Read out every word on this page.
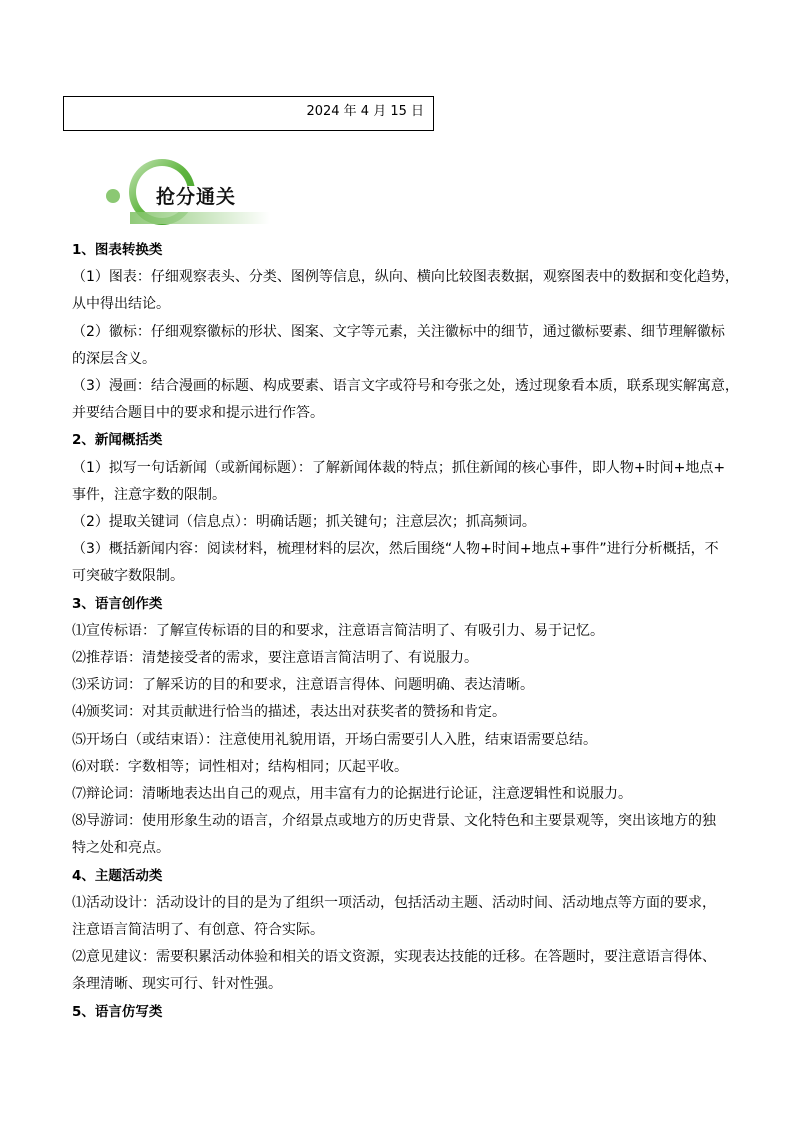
2024 年 4 月 15 日
抢分通关

1、图表转换类

（1）图表：仔细观察表头、分类、图例等信息，纵向、横向比较图表数据，观察图表中的数据和变化趋势，

从中得出结论。

（2）徽标：仔细观察徽标的形状、图案、文字等元素，关注徽标中的细节，通过徽标要素、细节理解徽标

的深层含义。

（3）漫画：结合漫画的标题、构成要素、语言文字或符号和夸张之处，透过现象看本质，联系现实解寓意，

并要结合题目中的要求和提示进行作答。

2、新闻概括类

（1）拟写一句话新闻（或新闻标题）：了解新闻体裁的特点；抓住新闻的核心事件，即人物+时间+地点+

事件，注意字数的限制。

（2）提取关键词（信息点）：明确话题；抓关键句；注意层次；抓高频词。

（3）概括新闻内容：阅读材料，梳理材料的层次，然后围绕“人物+时间+地点+事件”进行分析概括，不

可突破字数限制。

3、语言创作类

⑴宣传标语：了解宣传标语的目的和要求，注意语言简洁明了、有吸引力、易于记忆。

⑵推荐语：清楚接受者的需求，要注意语言简洁明了、有说服力。

⑶采访词：了解采访的目的和要求，注意语言得体、问题明确、表达清晰。

⑷颁奖词：对其贡献进行恰当的描述，表达出对获奖者的赞扬和肯定。

⑸开场白（或结束语）：注意使用礼貌用语，开场白需要引人入胜，结束语需要总结。

⑹对联：字数相等；词性相对；结构相同；仄起平收。

⑺辩论词：清晰地表达出自己的观点，用丰富有力的论据进行论证，注意逻辑性和说服力。

⑻导游词：使用形象生动的语言，介绍景点或地方的历史背景、文化特色和主要景观等，突出该地方的独

特之处和亮点。

4、主题活动类

⑴活动设计：活动设计的目的是为了组织一项活动，包括活动主题、活动时间、活动地点等方面的要求，

注意语言简洁明了、有创意、符合实际。

⑵意见建议：需要积累活动体验和相关的语文资源，实现表达技能的迁移。在答题时，要注意语言得体、

条理清晰、现实可行、针对性强。

5、语言仿写类
